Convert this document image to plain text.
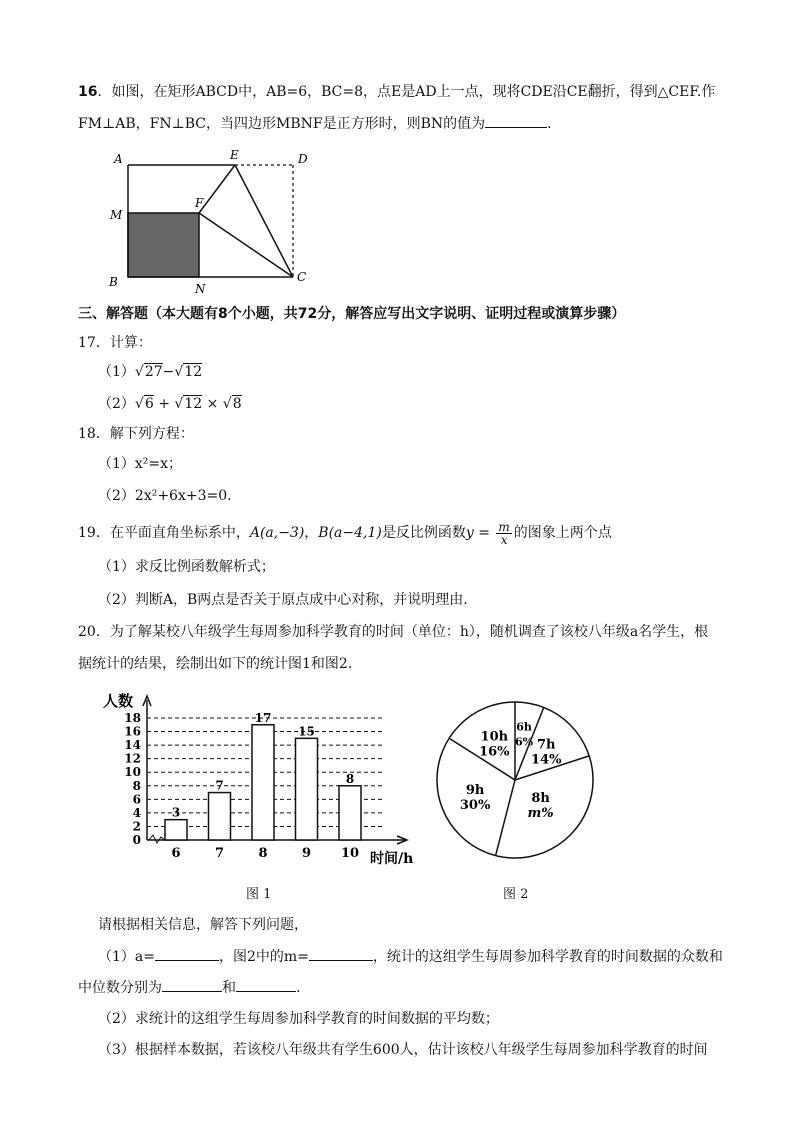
16．如图，在矩形ABCD中，AB=6，BC=8，点E是AD上一点，现将CDE沿CE翻折，得到△CEF.作
FM⊥AB，FN⊥BC，当四边形MBNF是正方形时，则BN的值为	.
A	E	D
M
F
B	N
C
三、解答题（本大题有8个小题，共72分，解答应写出文字说明、证明过程或演算步骤）
17．计算：
（1）√27−√12
（2）√6 + √12 × √8
18．解下列方程：
（1）x²=x；
（2）2x²+6x+3=0.
19．在平面直角坐标系中，A(a,−3)，B(a−4,1)是反比例函数$y = \frac{m}{x}$ 的图象上两个点
（1）求反比例函数解析式；
（2）判断A，B两点是否关于原点成中心对称，并说明理由.
20．为了解某校八年级学生每周参加科学教育的时间（单位：h），随机调查了该校八年级a名学生，根
据统计的结果，绘制出如下的统计图1和图2.
0
2
4
6
8
10
12
14
16
18
人数
时间/h
3
6
7
7
17
8
15
9
8
10
图 1
6h
6% 7h
14%
8h
m%
9h
30%
10h
16%
图 2
请根据相关信息，解答下列问题，
（1）a=	，图2中的m=	，统计的这组学生每周参加科学教育的时间数据的众数和
中位数分别为	和	.
（2）求统计的这组学生每周参加科学教育的时间数据的平均数；
（3）根据样本数据，若该校八年级共有学生600人，估计该校八年级学生每周参加科学教育的时间
